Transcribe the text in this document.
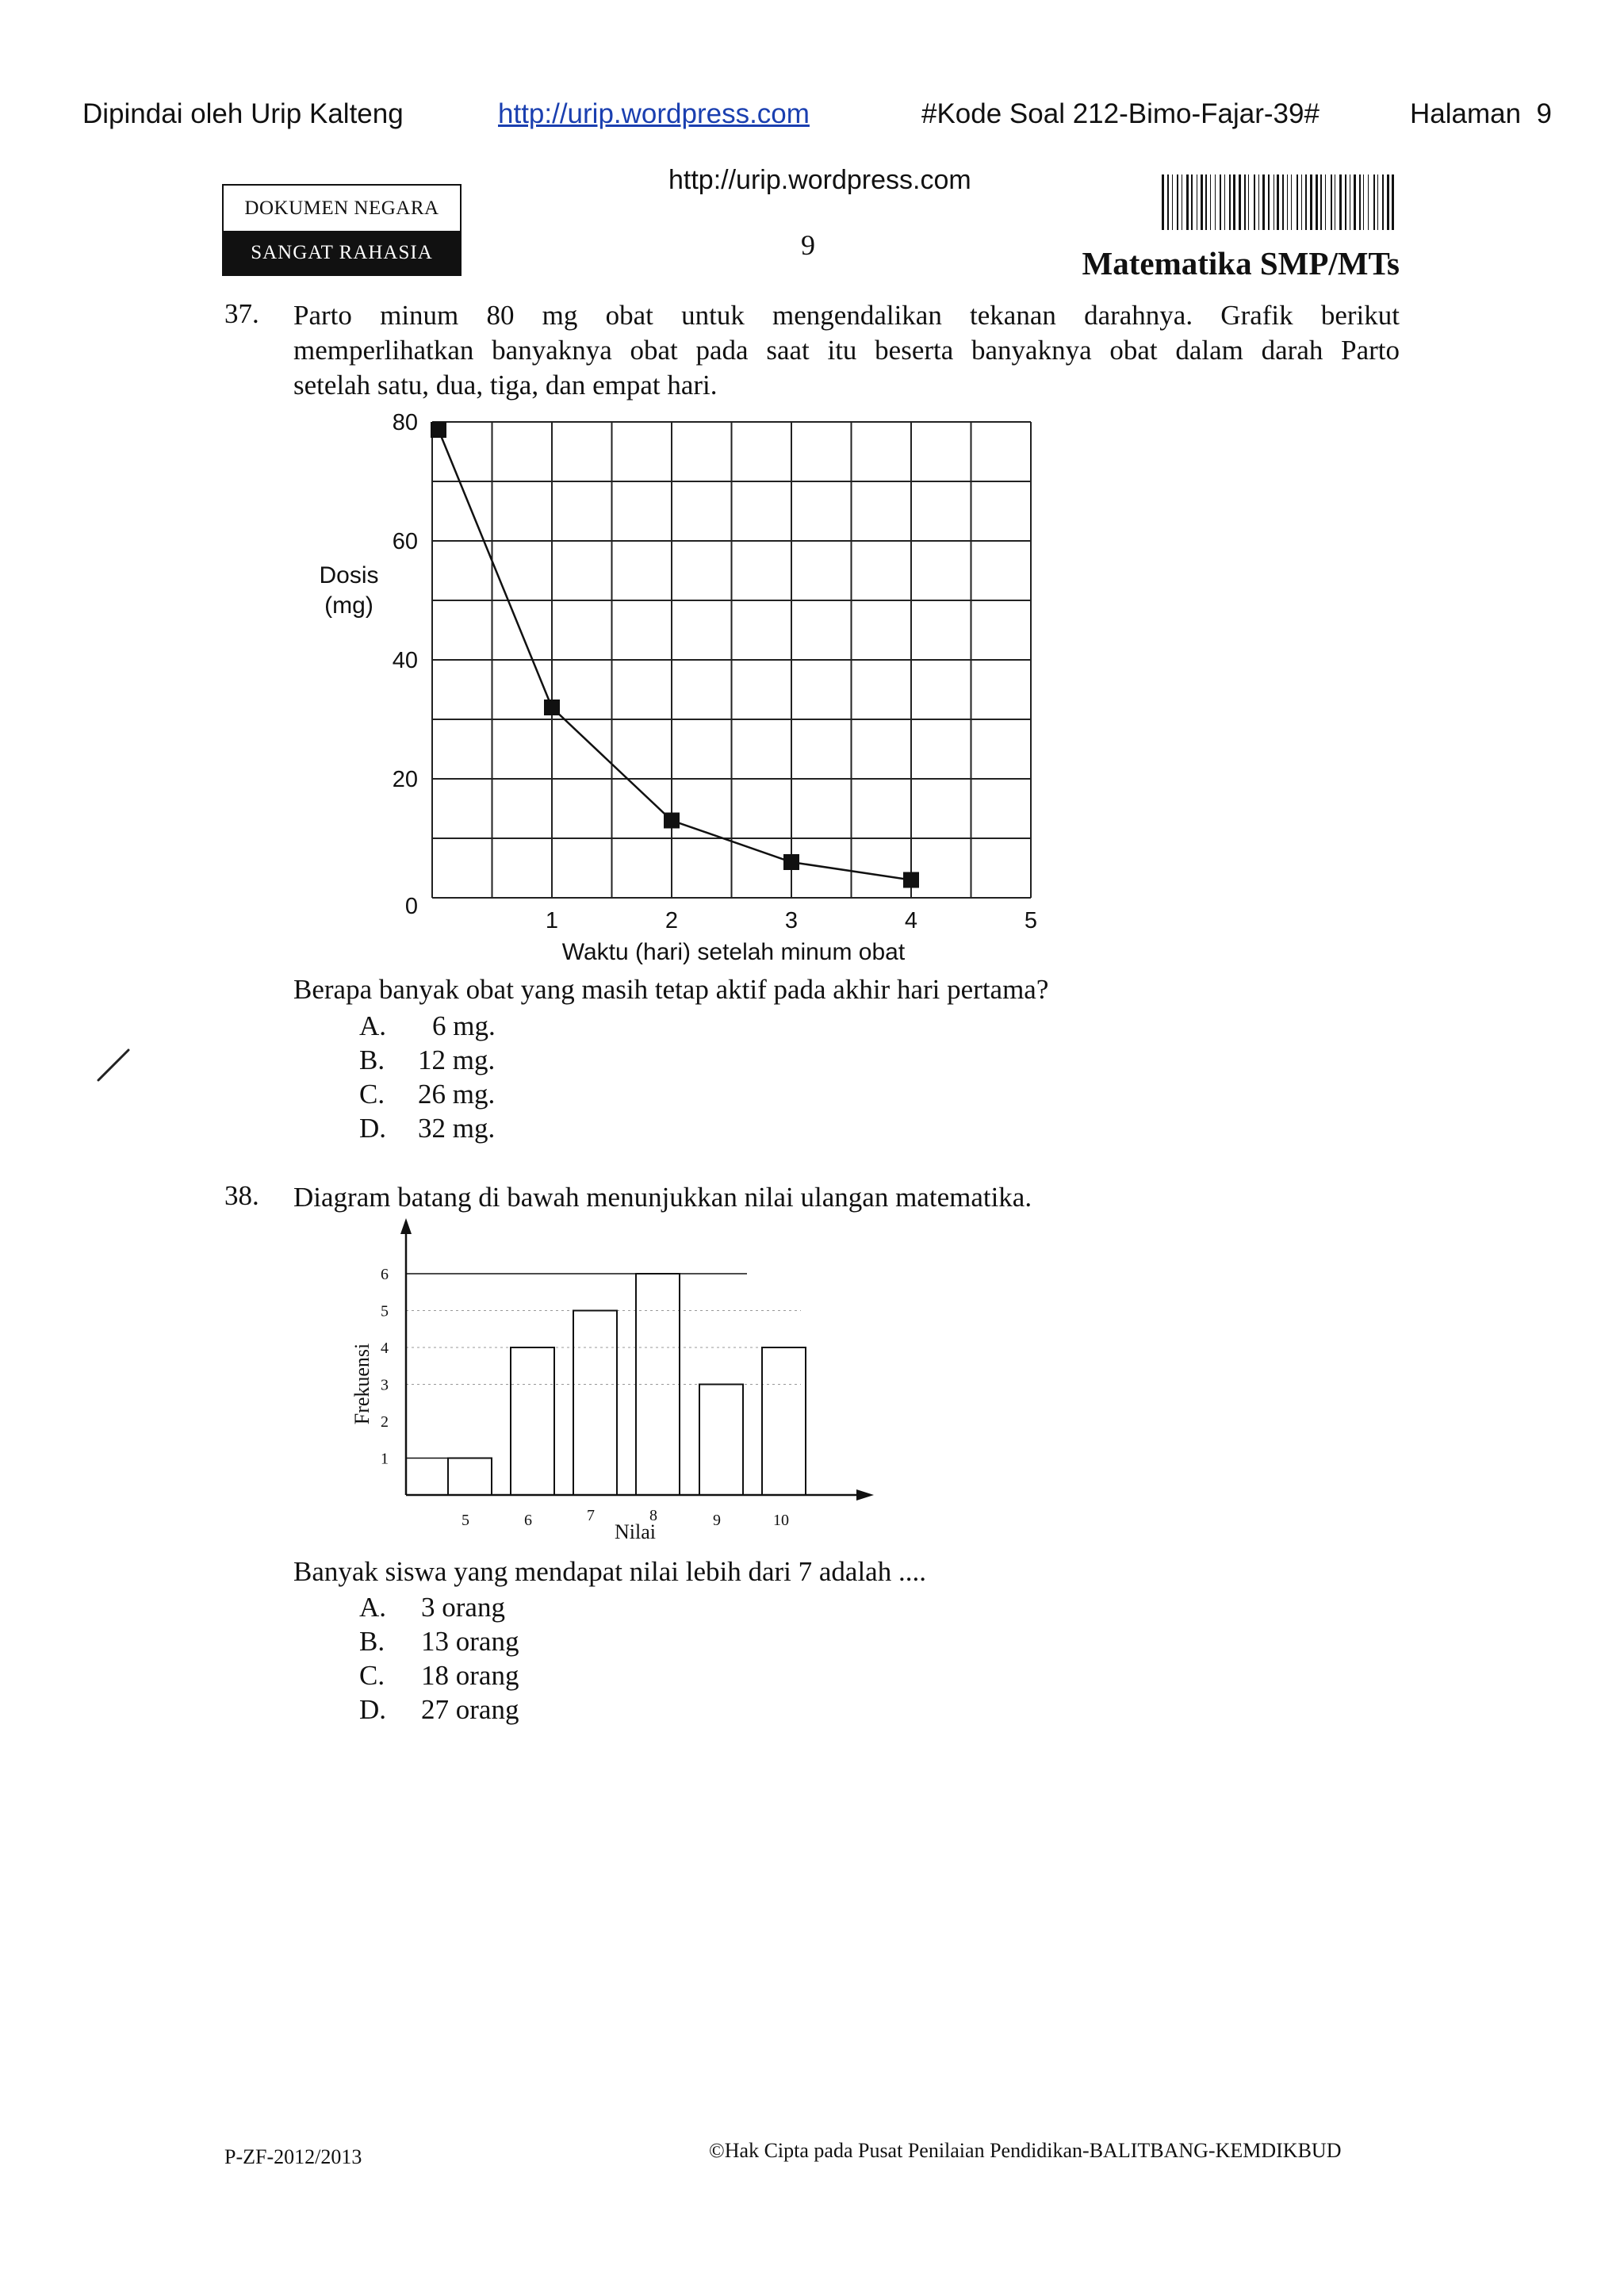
Dipindai oleh Urip Kalteng	http://urip.wordpress.com	#Kode Soal 212-Bimo-Fajar-39#	Halaman  9
http://urip.wordpress.com
DOKUMEN NEGARA
SANGAT RAHASIA	9	Matematika SMP/MTs
37. Parto minum 80 mg obat untuk mengendalikan tekanan darahnya. Grafik berikut
memperlihatkan banyaknya obat pada saat itu beserta banyaknya obat dalam darah Parto
setelah satu, dua, tiga, dan empat hari.
0
20
40
60
80
1	2	3	4	5
Dosis
(mg)
Waktu (hari) setelah minum obat
Berapa banyak obat yang masih tetap aktif pada akhir hari pertama?
A. 6 mg.
B. 12 mg.
C. 26 mg.
D. 32 mg.
38. Diagram batang di bawah menunjukkan nilai ulangan matematika.
1
2
3
4
5
6
5	6	7	8	9	10
Frekuensi
Nilai
Banyak siswa yang mendapat nilai lebih dari 7 adalah ....
A. 3 orang
B. 13 orang
C. 18 orang
D. 27 orang
P-ZF-2012/2013	©Hak Cipta pada Pusat Penilaian Pendidikan-BALITBANG-KEMDIKBUD
